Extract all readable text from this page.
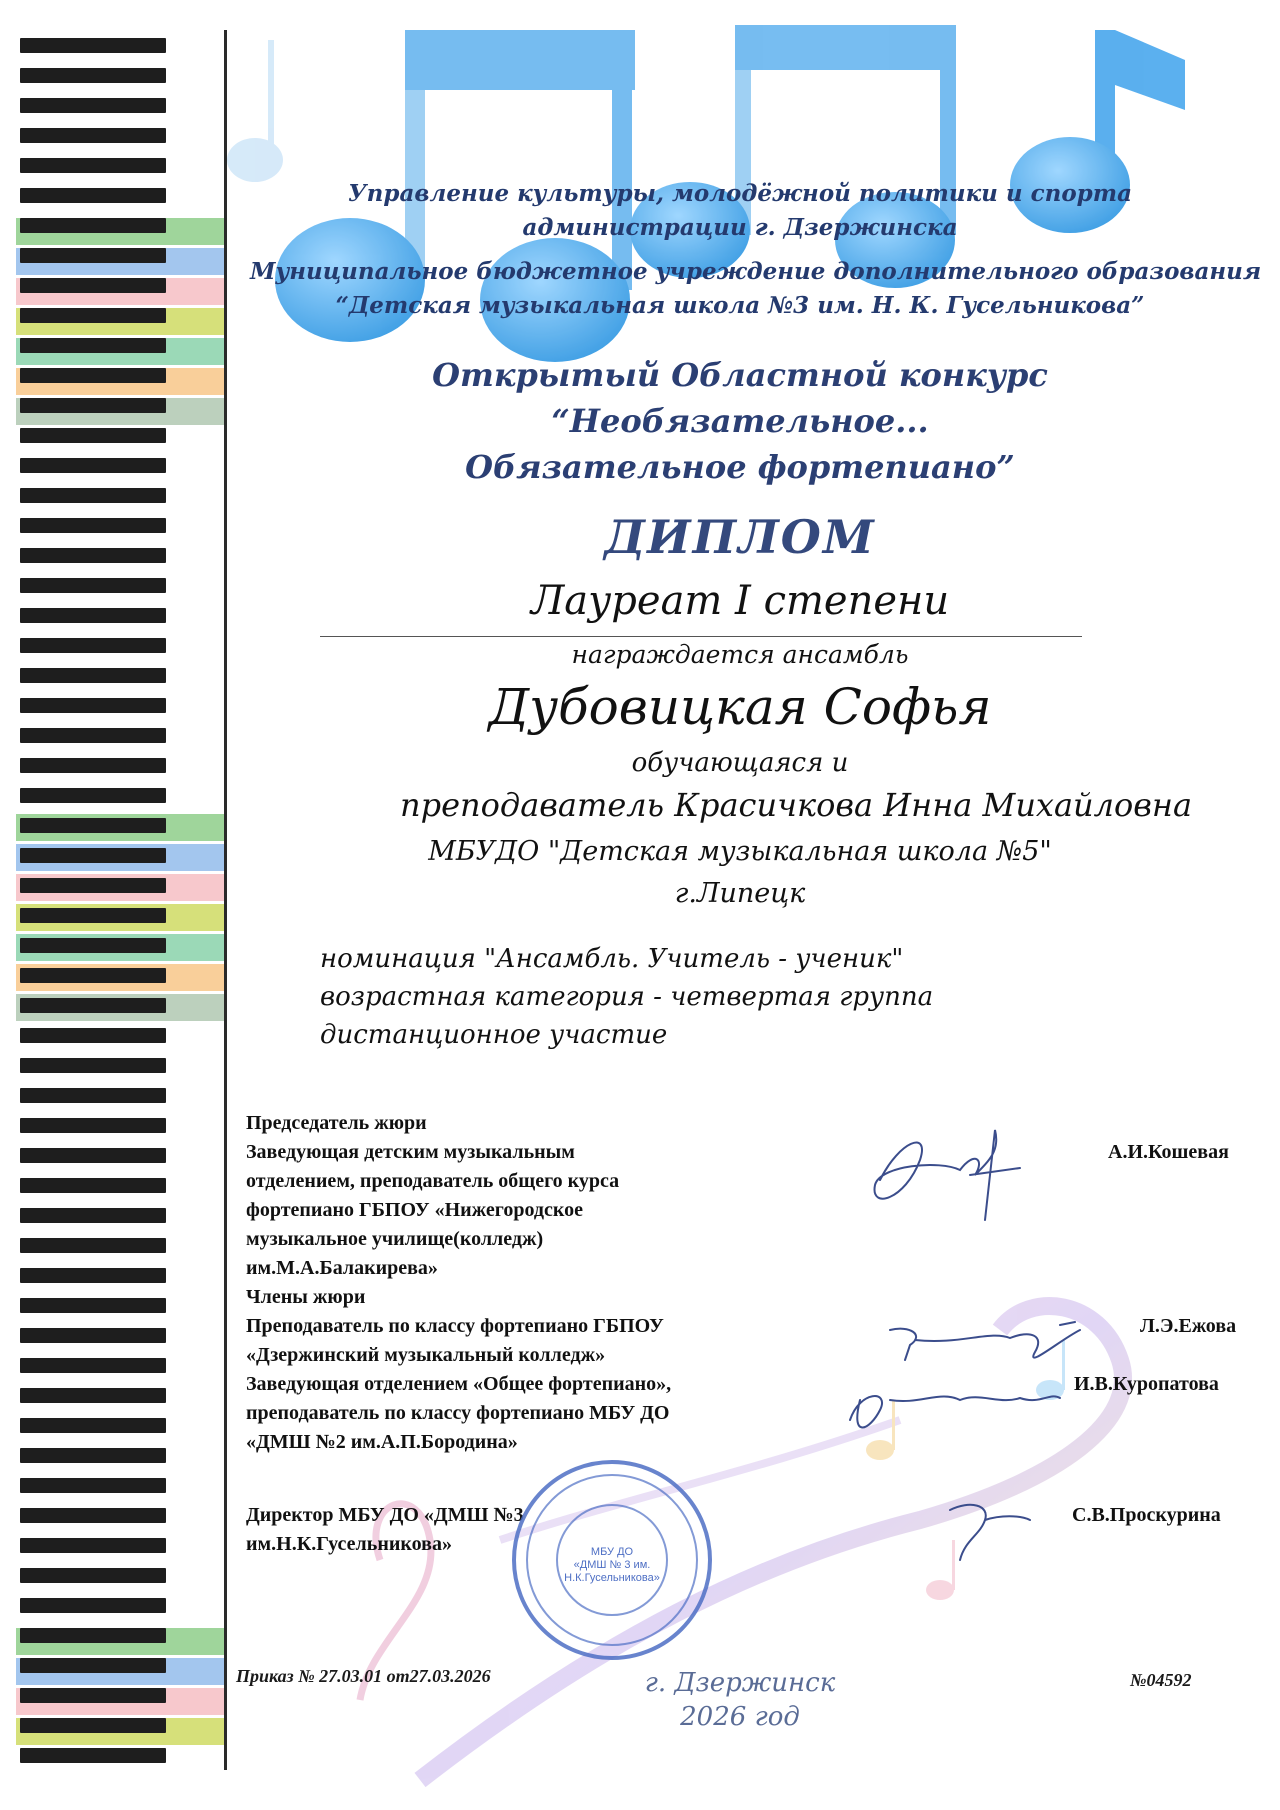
Управление культуры, молодёжной политики и спорта

администрации г. Дзержинска

Муниципальное бюджетное учреждение дополнительного образования

“Детская музыкальная школа №3 им. Н. К. Гусельникова”

Открытый Областной конкурс

“Необязательное...

Обязательное фортепиано”

ДИПЛОМ

Лауреат I степени

награждается ансамбль

Дубовицкая Софья

обучающаяся и

преподаватель Красичкова Инна Михайловна

МБУДО "Детская музыкальная школа №5"

г.Липецк

номинация "Ансамбль. Учитель - ученик"

возрастная категория - четвертая группа

дистанционное участие

Председатель жюри

Заведующая детским музыкальным

отделением, преподаватель общего курса

фортепиано ГБПОУ «Нижегородское

музыкальное училище(колледж)

им.М.А.Балакирева»

А.И.Кошевая

Члены жюри

Преподаватель по классу фортепиано ГБПОУ

«Дзержинский музыкальный колледж»

Л.Э.Ежова

Заведующая отделением «Общее фортепиано»,

преподаватель по классу фортепиано МБУ ДО

«ДМШ №2 им.А.П.Бородина»

И.В.Куропатова

Директор МБУ ДО «ДМШ №3

им.Н.К.Гусельникова»

С.В.Проскурина

МБУ ДО
«ДМШ № 3 им.
Н.К.Гусельникова»

Приказ № 27.03.01 от27.03.2026	г. Дзержинск

2026 год

№04592
